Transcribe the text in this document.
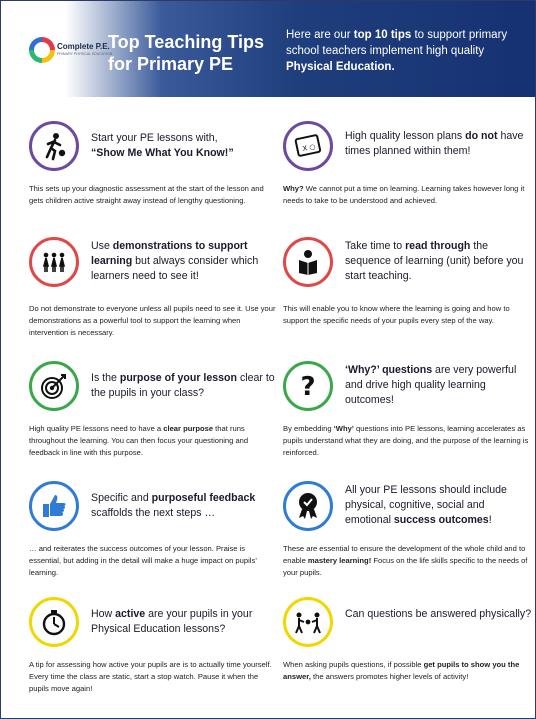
Complete P.E.
PRIMARY PHYSICAL EDUCATION
Top Teaching Tips for Primary PE
Here are our top 10 tips to support primary school teachers implement high quality Physical Education.
Start your PE lessons with,
“Show Me What You Know!”
This sets up your diagnostic assessment at the start of the lesson and gets children active straight away instead of lengthy questioning.
X ○
High quality lesson plans do not have times planned within them!
Why? We cannot put a time on learning. Learning takes however long it needs to take to be understood and achieved.
Use demonstrations to support learning but always consider which learners need to see it!
Do not demonstrate to everyone unless all pupils need to see it. Use your demonstrations as a powerful tool to support the learning when intervention is necessary.
Take time to read through the sequence of learning (unit) before you start teaching.
This will enable you to know where the learning is going and how to support the specific needs of your pupils every step of the way.
Is the purpose of your lesson clear to the pupils in your class?
High quality PE lessons need to have a clear purpose that runs throughout the learning. You can then focus your questioning and feedback in line with this purpose.
?
‘Why?’ questions are very powerful and drive high quality learning outcomes!
By embedding ‘Why’ questions into PE lessons, learning accelerates as pupils understand what they are doing, and the purpose of the learning is reinforced.
Specific and purposeful feedback
scaffolds the next steps …
… and reiterates the success outcomes of your lesson. Praise is essential, but adding in the detail will make a huge impact on pupils’ learning.
All your PE lessons should include physical, cognitive, social and emotional success outcomes!
These are essential to ensure the development of the whole child and to enable mastery learning! Focus on the life skills specific to the needs of your pupils.
How active are your pupils in your Physical Education lessons?
A tip for assessing how active your pupils are is to actually time yourself. Every time the class are static, start a stop watch. Pause it when the pupils move again!
Can questions be answered physically?
When asking pupils questions, if possible get pupils to show you the answer, the answers promotes higher levels of activity!
